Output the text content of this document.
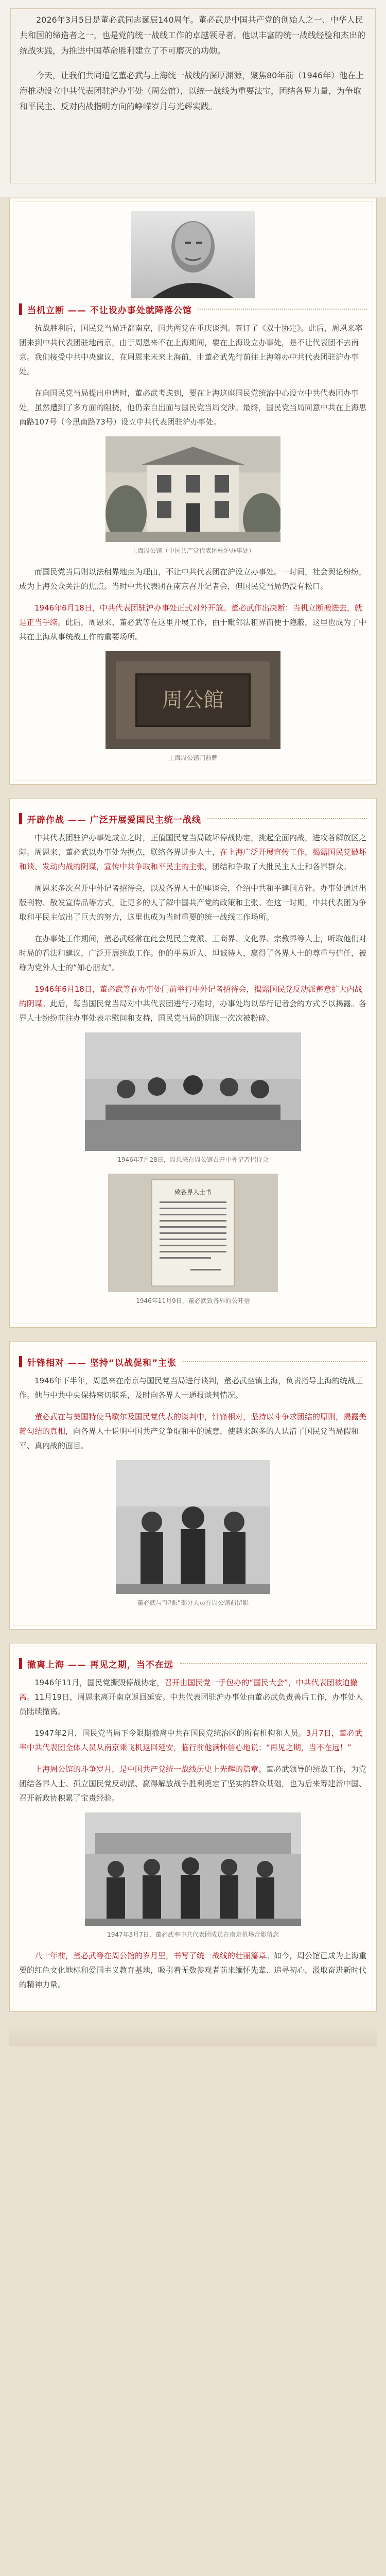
2026年3月5日是董必武同志诞辰140周年。董必武是中国共产党的创始人之一、中华人民共和国的缔造者之一，也是党的统一战线工作的卓越领导者。他以丰富的统一战线经验和杰出的统战实践，为推进中国革命胜利建立了不可磨灭的功勋。

今天，让我们共同追忆董必武与上海统一战线的深厚渊源，聚焦80年前（1946年）他在上海推动设立中共代表团驻沪办事处（周公馆），以统一战线为重要法宝，团结各界力量，为争取和平民主、反对内战指明方向的峥嵘岁月与光辉实践。

当机立断 —— 不让设办事处就降落公馆

抗战胜利后，国民党当局迁都南京，国共两党在重庆谈判。签订了《双十协定》。此后，周恩来率团来到中共代表团驻地南京，由于周恩来不在上海期间，要在上海设立办事处，是不让代表团不去南京。我们接受中共中央建议，在周恩来未来上海前，由董必武先行前往上海筹办中共代表团驻沪办事处。

在向国民党当局提出申请时，董必武考虑到，要在上海这座国民党统治中心设立中共代表团办事处，虽然遭到了多方面的阻挠，他仍亲自出面与国民党当局交涉。最终，国民党当局同意中共在上海思南路107号（今思南路73号）设立中共代表团驻沪办事处。

上海周公馆（中国共产党代表团驻沪办事处）

而国民党当局则以法租界地点为理由，不让中共代表团在沪设立办事处。一时间，社会舆论纷纷，成为上海公众关注的焦点。当时中共代表团在南京召开记者会，但国民党当局仍没有松口。

1946年6月18日，中共代表团驻沪办事处正式对外开放。董必武作出决断：当机立断搬进去，就是正当手续。此后，周恩来、董必武等在这里开展工作，由于毗邻法租界而便于隐蔽，这里也成为了中共在上海从事统战工作的重要场所。

周公館
上海周公馆门前牌
开辟作战 —— 广泛开展爱国民主统一战线

中共代表团驻沪办事处成立之时，正值国民党当局破坏停战协定，挑起全面内战，进攻各解放区之际。周恩来、董必武以办事处为据点，联络各界进步人士，在上海广泛开展宣传工作，揭露国民党破坏和谈、发动内战的阴谋，宣传中共争取和平民主的主张，团结和争取了大批民主人士和各界群众。

周恩来多次召开中外记者招待会，以及各界人士的座谈会，介绍中共和平建国方针。办事处通过出版刊物、散发宣传品等方式，让更多的人了解中国共产党的政策和主张。在这一时期，中共代表团为争取和平民主做出了巨大的努力，这里也成为当时重要的统一战线工作场所。

在办事处工作期间，董必武经常在此会见民主党派、工商界、文化界、宗教界等人士，听取他们对时局的看法和建议，广泛开展统战工作。他的平易近人、坦诚待人，赢得了各界人士的尊重与信任，被称为党外人士的“知心朋友”。

1946年6月18日，董必武等在办事处门前举行中外记者招待会，揭露国民党反动派蓄意扩大内战的阴谋。此后，每当国民党当局对中共代表团进行刁难时，办事处均以举行记者会的方式予以揭露。各界人士纷纷前往办事处表示慰问和支持，国民党当局的阴谋一次次被粉碎。

1946年7月28日，周恩来在周公馆召开中外记者招待会
致各界人士书
1946年11月9日，董必武致各界的公开信
针锋相对 —— 坚持“以战促和”主张

1946年下半年，周恩来在南京与国民党当局进行谈判，董必武坐镇上海，负责指导上海的统战工作。他与中共中央保持密切联系，及时向各界人士通报谈判情况。

董必武在与美国特使马歇尔及国民党代表的谈判中，针锋相对，坚持以斗争求团结的原则，揭露美蒋勾结的真相，向各界人士说明中国共产党争取和平的诚意，使越来越多的人认清了国民党当局假和平、真内战的面目。

董必武与“特派”部分人员在周公馆前留影
撤离上海 —— 再见之期，当不在远

1946年11月，国民党撕毁停战协定，召开由国民党一手包办的“国民大会”，中共代表团被迫撤离。11月19日，周恩来离开南京返回延安。中共代表团驻沪办事处由董必武负责善后工作，办事处人员陆续撤离。

1947年2月，国民党当局下令限期撤离中共在国民党统治区的所有机构和人员。3月7日，董必武率中共代表团全体人员从南京乘飞机返回延安，临行前他满怀信心地说：“再见之期，当不在远！”

上海周公馆的斗争岁月，是中国共产党统一战线历史上光辉的篇章。董必武领导的统战工作，为党团结各界人士、孤立国民党反动派、赢得解放战争胜利奠定了坚实的群众基础，也为后来筹建新中国、召开新政协积累了宝贵经验。

1947年3月7日，董必武率中共代表团成员在南京机场合影留念

八十年前，董必武等在周公馆的岁月里，书写了统一战线的壮丽篇章。如今，周公馆已成为上海重要的红色文化地标和爱国主义教育基地，吸引着无数参观者前来缅怀先辈、追寻初心，汲取奋进新时代的精神力量。
